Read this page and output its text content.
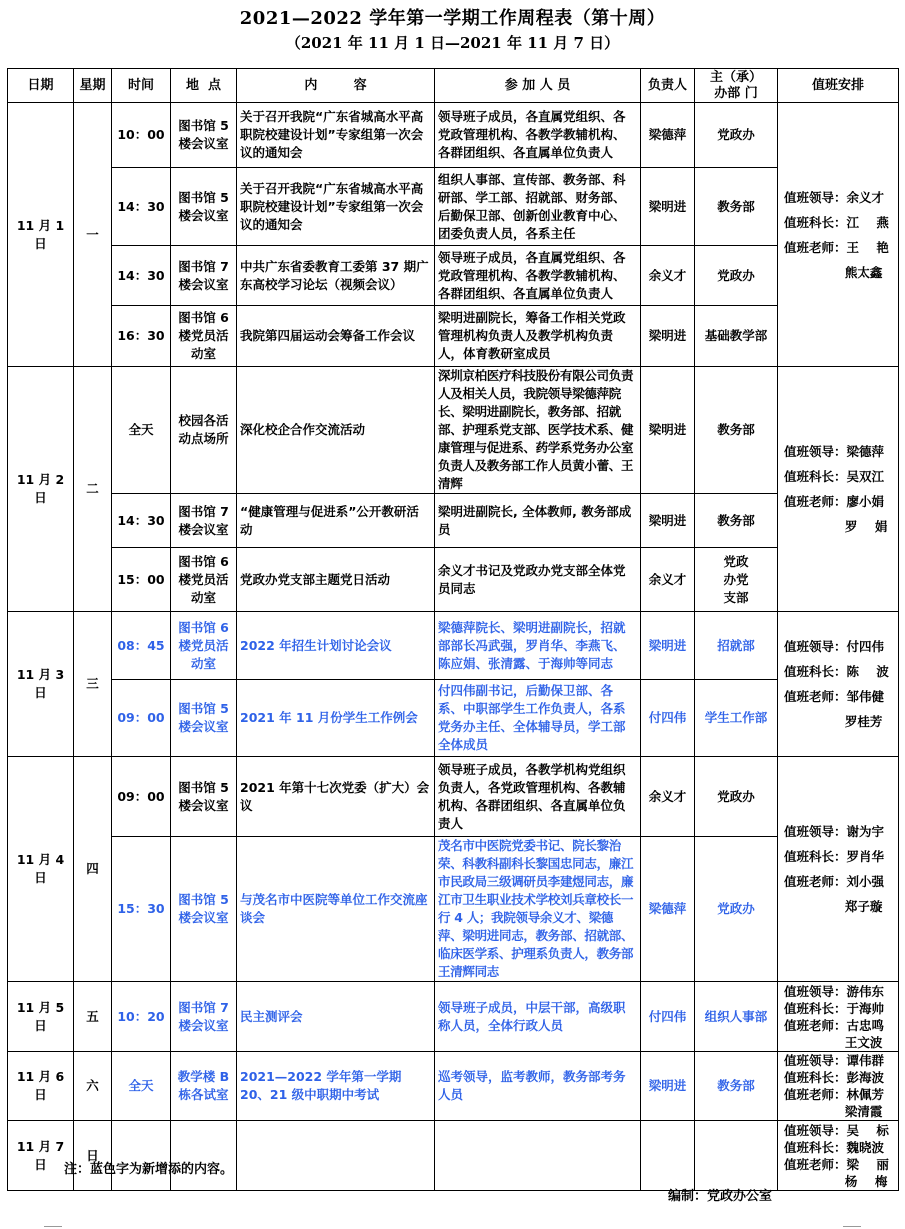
2021—2022 学年第一学期工作周程表（第十周）
（2021 年 11 月 1 日—2021 年 11 月 7 日）
日期	星期	时间	地  点	内        容	参 加 人 员	负责人	主（承）办部 门	值班安排
11 月 1 日	一	10：00	图书馆 5 楼会议室	关于召开我院“广东省城高水平高职院校建设计划”专家组第一次会议的通知会	领导班子成员，各直属党组织、各党政管理机构、各教学教辅机构、各群团组织、各直属单位负责人	梁德萍	党政办	值班领导：余义才
值班科长：江    燕
值班老师：王    艳
熊太鑫

		14：30	图书馆 5 楼会议室	关于召开我院“广东省城高水平高职院校建设计划”专家组第一次会议的通知会	组织人事部、宣传部、教务部、科研部、学工部、招就部、财务部、后勤保卫部、创新创业教育中心、团委负责人员，各系主任	梁明进	教务部	
		14：30	图书馆 7 楼会议室	中共广东省委教育工委第 37 期广东高校学习论坛（视频会议）	领导班子成员，各直属党组织、各党政管理机构、各教学教辅机构、各群团组织、各直属单位负责人	余义才	党政办	
		16：30	图书馆 6 楼党员活动室	我院第四届运动会筹备工作会议	梁明进副院长，筹备工作相关党政管理机构负责人及教学机构负责人，体育教研室成员	梁明进	基础教学部	
11 月 2 日	二	全天	校园各活动点场所	深化校企合作交流活动	深圳京柏医疗科技股份有限公司负责人及相关人员，我院领导梁德萍院长、梁明进副院长，教务部、招就部、护理系党支部、医学技术系、健康管理与促进系、药学系党务办公室负责人及教务部工作人员黄小蕾、王清辉	梁明进	教务部	值班领导：梁德萍
值班科长：吴双江
值班老师：廖小娟
罗    娟

		14：30	图书馆 7 楼会议室	“健康管理与促进系”公开教研活动	梁明进副院长, 全体教师, 教务部成员	梁明进	教务部	
		15：00	图书馆 6 楼党员活动室	党政办党支部主题党日活动	余义才书记及党政办党支部全体党员同志	余义才	党政办党支部	
11 月 3 日	三	08：45	图书馆 6 楼党员活动室	2022 年招生计划讨论会议	梁德萍院长、梁明进副院长，招就部部长冯武强，罗肖华、李燕飞、陈应娟、张清露、于海帅等同志	梁明进	招就部	值班领导：付四伟
值班科长：陈    波
值班老师：邹伟健
罗桂芳

		09：00	图书馆 5 楼会议室	2021 年 11 月份学生工作例会	付四伟副书记，后勤保卫部、各系、中职部学生工作负责人，各系党务办主任、全体辅导员，学工部全体成员	付四伟	学生工作部	
11 月 4 日	四	09：00	图书馆 5 楼会议室	2021 年第十七次党委（扩大）会议	领导班子成员，各教学机构党组织负责人，各党政管理机构、各教辅机构、各群团组织、各直属单位负责人	余义才	党政办	值班领导：谢为宇
值班科长：罗肖华
值班老师：刘小强
郑子璇

		15：30	图书馆 5 楼会议室	与茂名市中医院等单位工作交流座谈会	茂名市中医院党委书记、院长黎治荣、科教科副科长黎国忠同志，廉江市民政局三级调研员李建煜同志，廉江市卫生职业技术学校刘兵章校长一行 4 人；我院领导余义才、梁德萍、梁明进同志，教务部、招就部、临床医学系、护理系负责人，教务部王清辉同志	梁德萍	党政办	
11 月 5 日	五	10：20	图书馆 7 楼会议室	民主测评会	领导班子成员，中层干部，高级职称人员，全体行政人员	付四伟	组织人事部	值班领导：游伟东
值班科长：于海帅
值班老师：古忠鸣
王文波

11 月 6 日	六	全天	教学楼 B 栋各试室	2021—2022 学年第一学期 20、21 级中职期中考试	巡考领导，监考教师，教务部考务人员	梁明进	教务部	值班领导：谭伟群
值班科长：彭海波
值班老师：林佩芳
梁清霞

11 月 7 日	日							值班领导：吴    标
值班科长：魏晓波
值班老师：梁    丽
杨    梅
注：蓝色字为新增添的内容。
编制：党政办公室
